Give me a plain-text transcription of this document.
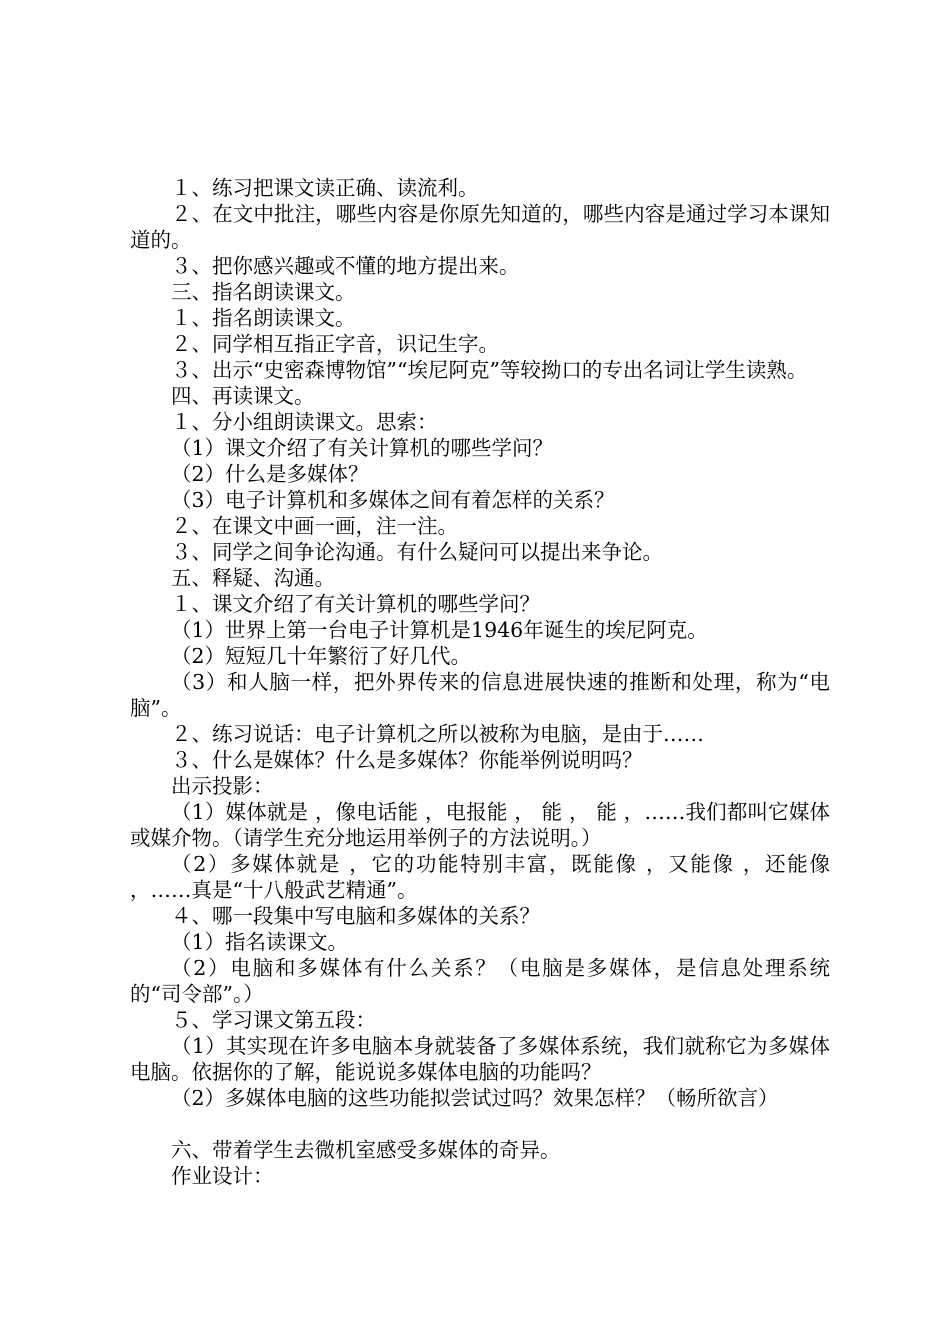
１、练习把课文读正确、读流利。

２、在文中批注，哪些内容是你原先知道的，哪些内容是通过学习本课知道的。

３、把你感兴趣或不懂的地方提出来。

三、指名朗读课文。

１、指名朗读课文。

２、同学相互指正字音，识记生字。

３、出示“史密森博物馆”“埃尼阿克”等较拗口的专出名词让学生读熟。

四、再读课文。

１、分小组朗读课文。思索：

（1）课文介绍了有关计算机的哪些学问？

（2）什么是多媒体？

（3）电子计算机和多媒体之间有着怎样的关系？

２、在课文中画一画，注一注。

３、同学之间争论沟通。有什么疑问可以提出来争论。

五、释疑、沟通。

１、课文介绍了有关计算机的哪些学问？

（1）世界上第一台电子计算机是1946年诞生的埃尼阿克。

（2）短短几十年繁衍了好几代。

（3）和人脑一样，把外界传来的信息进展快速的推断和处理，称为“电脑”。

２、练习说话：电子计算机之所以被称为电脑，是由于……

３、什么是媒体？什么是多媒体？你能举例说明吗？

出示投影：

（1）媒体就是 ，像电话能 ，电报能 ， 能 ， 能 ，……我们都叫它媒体或媒介物。（请学生充分地运用举例子的方法说明。）

（2）多媒体就是 ，它的功能特别丰富，既能像 ，又能像 ，还能像 ，……真是“十八般武艺精通”。

４、哪一段集中写电脑和多媒体的关系？

（1）指名读课文。

（2）电脑和多媒体有什么关系？（电脑是多媒体，是信息处理系统的“司令部”。）

５、学习课文第五段：

（1）其实现在许多电脑本身就装备了多媒体系统，我们就称它为多媒体电脑。依据你的了解，能说说多媒体电脑的功能吗？

（2）多媒体电脑的这些功能拟尝试过吗？效果怎样？（畅所欲言）

六、带着学生去微机室感受多媒体的奇异。

作业设计：
